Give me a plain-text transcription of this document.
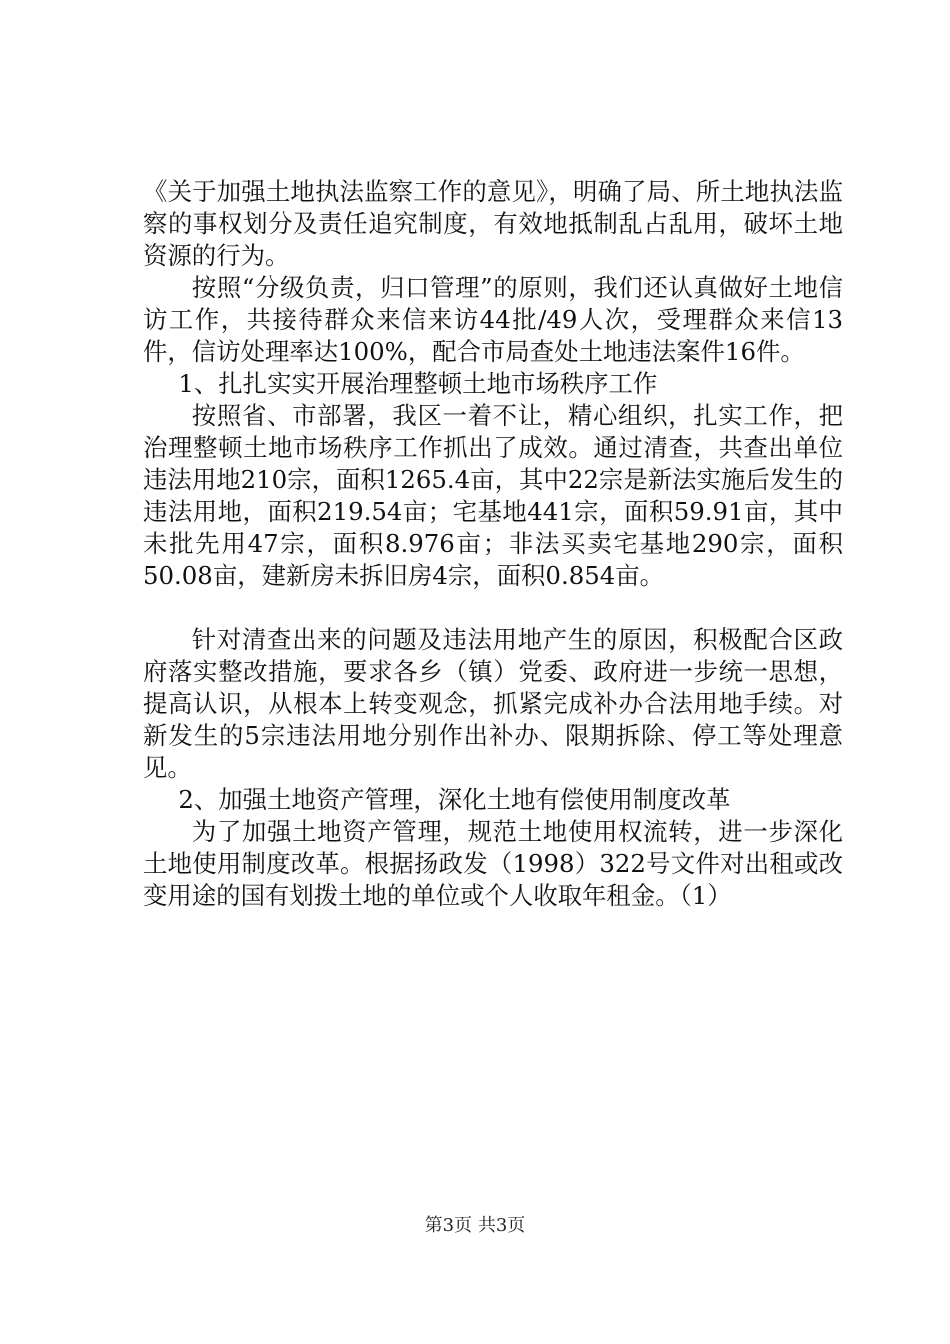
《关于加强土地执法监察工作的意见》，明确了局、所土地执法监察的事权划分及责任追究制度，有效地抵制乱占乱用，破坏土地资源的行为。

按照“分级负责，归口管理”的原则，我们还认真做好土地信访工作，共接待群众来信来访44批/49人次，受理群众来信13件，信访处理率达100%，配合市局查处土地违法案件16件。

1、扎扎实实开展治理整顿土地市场秩序工作

按照省、市部署，我区一着不让，精心组织，扎实工作，把治理整顿土地市场秩序工作抓出了成效。通过清查，共查出单位违法用地210宗，面积1265.4亩，其中22宗是新法实施后发生的违法用地，面积219.54亩；宅基地441宗，面积59.91亩，其中未批先用47宗，面积8.976亩；非法买卖宅基地290宗，面积50.08亩，建新房未拆旧房4宗，面积0.854亩。

针对清查出来的问题及违法用地产生的原因，积极配合区政府落实整改措施，要求各乡（镇）党委、政府进一步统一思想，提高认识，从根本上转变观念，抓紧完成补办合法用地手续。对新发生的5宗违法用地分别作出补办、限期拆除、停工等处理意见。

2、加强土地资产管理，深化土地有偿使用制度改革

为了加强土地资产管理，规范土地使用权流转，进一步深化土地使用制度改革。根据扬政发（1998）322号文件对出租或改变用途的国有划拨土地的单位或个人收取年租金。（1）

第3页 共3页
